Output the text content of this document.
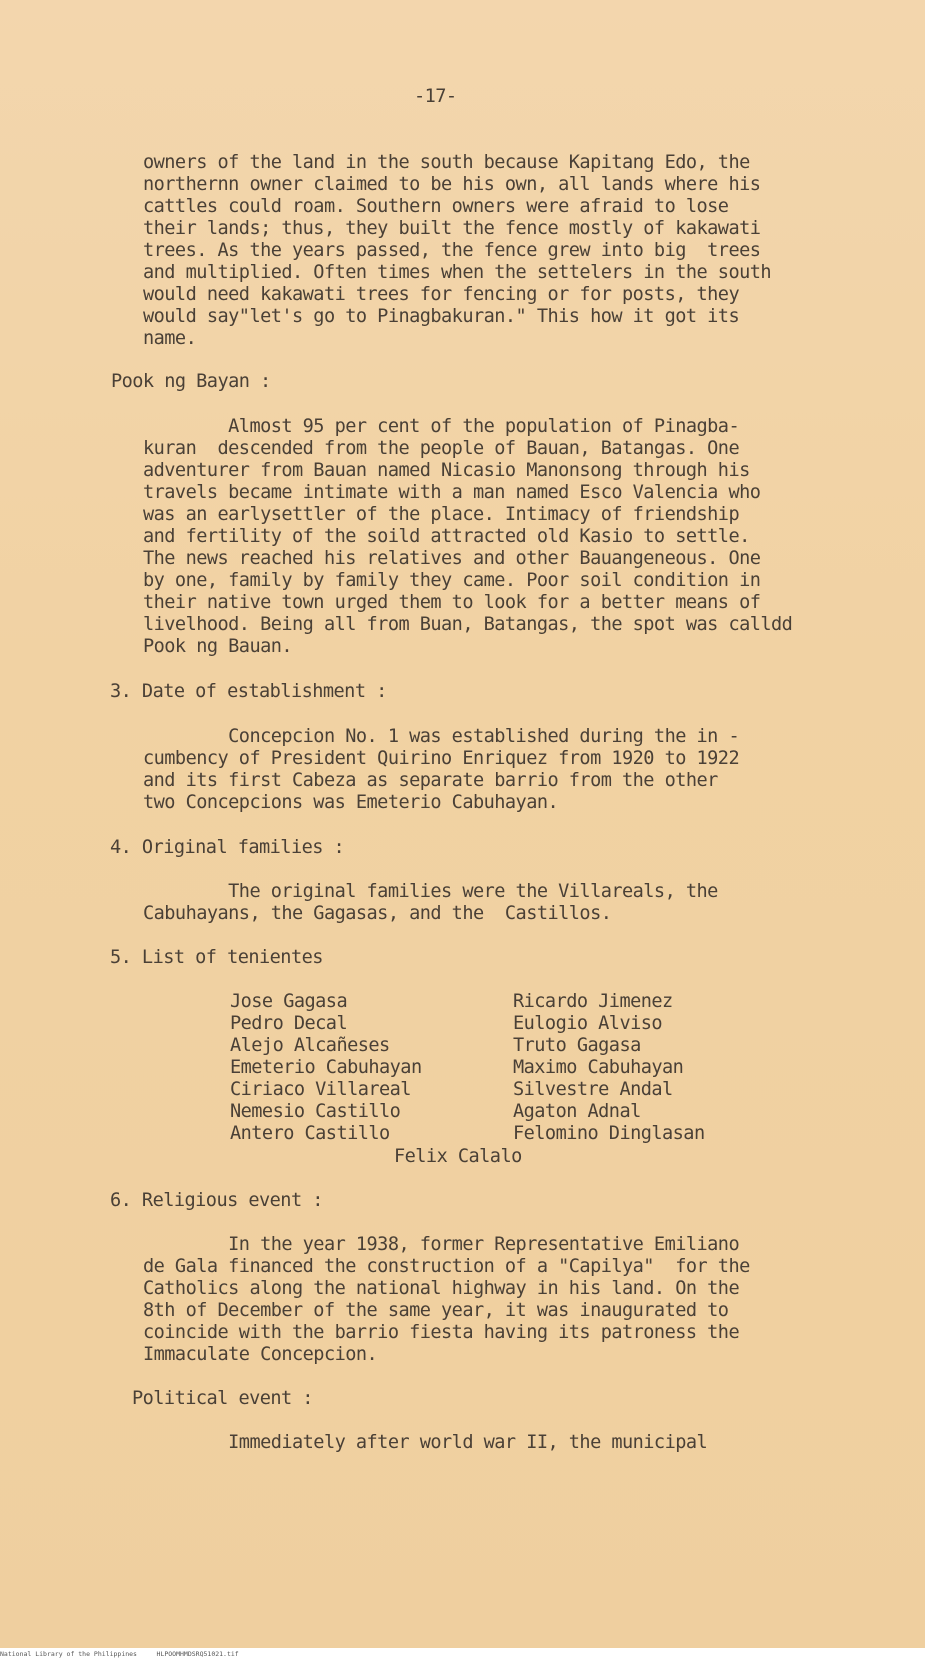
-17-
owners of the land in the south because Kapitang Edo, the
northernn owner claimed to be his own, all lands where his
cattles could roam. Southern owners were afraid to lose
their lands; thus, they built the fence mostly of kakawati
trees. As the years passed, the fence grew into big  trees
and multiplied. Often times when the settelers in the south
would need kakawati trees for fencing or for posts, they
would say"let's go to Pinagbakuran." This how it got its
name.
Pook ng Bayan :
Almost 95 per cent of the population of Pinagba-
kuran  descended from the people of Bauan, Batangas. One
adventurer from Bauan named Nicasio Manonsong through his
travels became intimate with a man named Esco Valencia who
was an earlysettler of the place. Intimacy of friendship
and fertility of the soild attracted old Kasio to settle.
The news reached his relatives and other Bauangeneous. One
by one, family by family they came. Poor soil condition in
their native town urged them to look for a better means of
livelhood. Being all from Buan, Batangas, the spot was calldd
Pook ng Bauan.
3. Date of establishment :
Concepcion No. 1 was established during the in -
cumbency of President Quirino Enriquez from 1920 to 1922
and its first Cabeza as separate barrio from the other
two Concepcions was Emeterio Cabuhayan.
4. Original families :
The original families were the Villareals, the
Cabuhayans, the Gagasas, and the  Castillos.
5. List of tenientes
Jose Gagasa
Pedro Decal
Alejo Alcañeses
Emeterio Cabuhayan
Ciriaco Villareal
Nemesio Castillo
Antero Castillo
Ricardo Jimenez
Eulogio Alviso
Truto Gagasa
Maximo Cabuhayan
Silvestre Andal
Agaton Adnal
Felomino Dinglasan
Felix Calalo
6. Religious event :
In the year 1938, former Representative Emiliano
de Gala financed the construction of a "Capilya"  for the
Catholics along the national highway in his land. On the
8th of December of the same year, it was inaugurated to
coincide with the barrio fiesta having its patroness the
Immaculate Concepcion.
Political event :
Immediately after world war II, the municipal
National Library of the Philippines     HLPOOMHMDSRQ51021.tif
